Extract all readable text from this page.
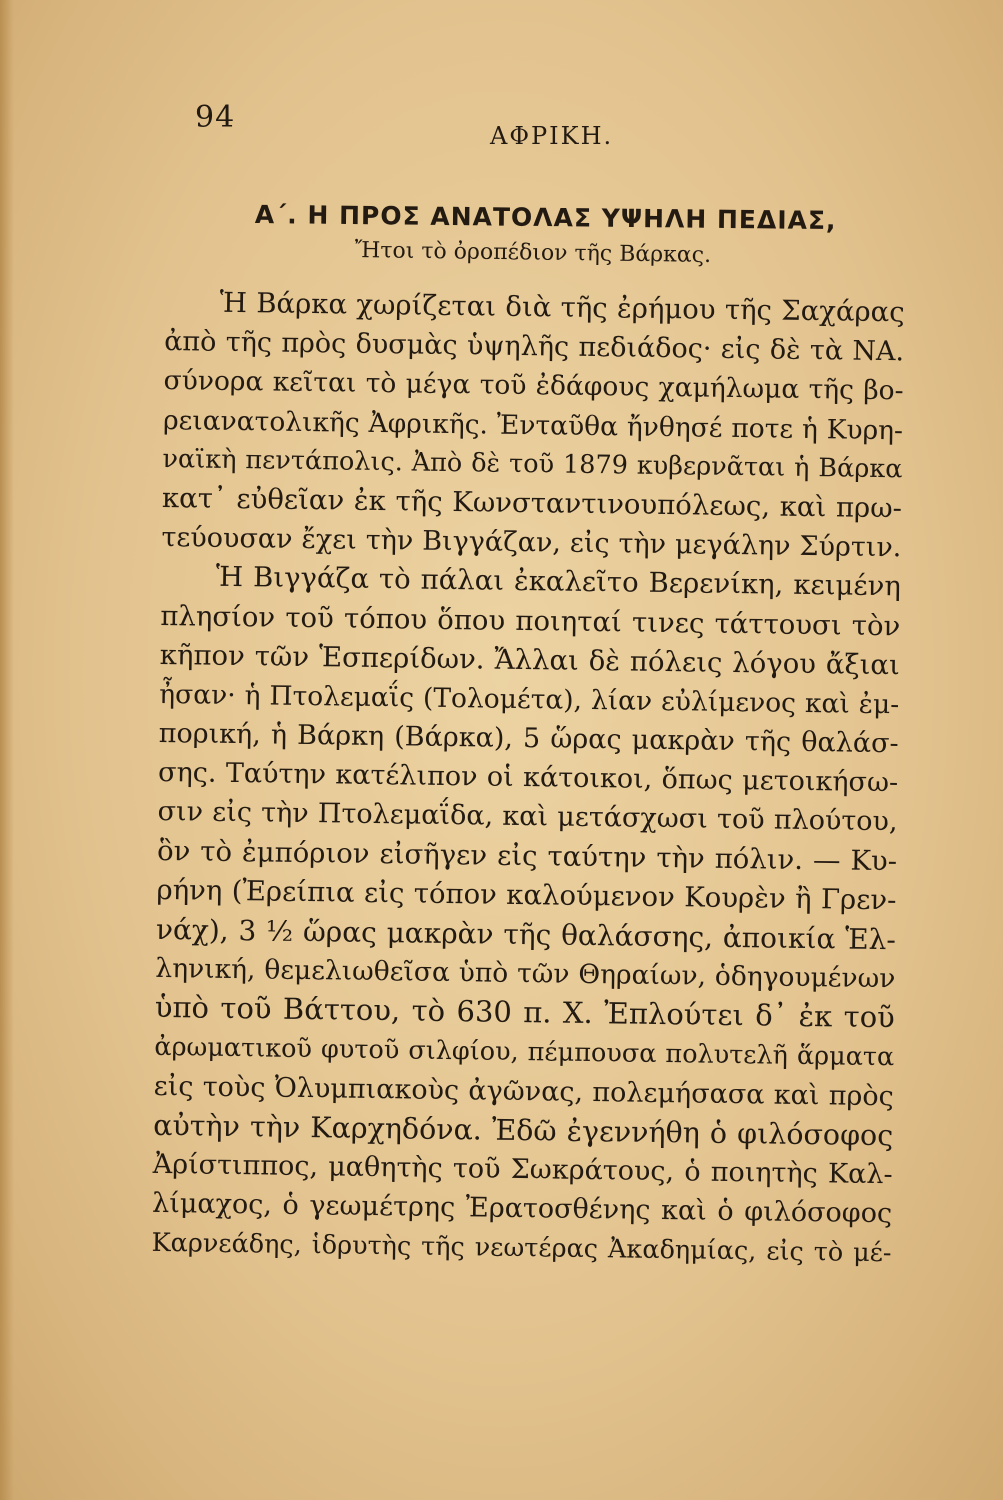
94
ΑΦΡΙΚΗ.
Α΄. Η ΠΡΟΣ ΑΝΑΤΟΛΑΣ ΥΨΗΛΗ ΠΕΔΙΑΣ,
Ἤτοι τὸ ὀροπέδιον τῆς Βάρκας.
Ἡ Βάρκα χωρίζεται διὰ τῆς ἐρήμου τῆς Σαχάρας
ἀπὸ τῆς πρὸς δυσμὰς ὑψηλῆς πεδιάδος· εἰς δὲ τὰ ΝΑ.
σύνορα κεῖται τὸ μέγα τοῦ ἐδάφους χαμήλωμα τῆς βο-
ρειανατολικῆς Ἀφρικῆς. Ἐνταῦθα ἤνθησέ ποτε ἡ Κυρη-
ναϊκὴ πεντάπολις. Ἀπὸ δὲ τοῦ 1879 κυβερνᾶται ἡ Βάρκα
κατ᾽ εὐθεῖαν ἐκ τῆς Κωνσταντινουπόλεως, καὶ πρω-
τεύουσαν ἔχει τὴν Βιγγάζαν, εἰς τὴν μεγάλην Σύρτιν.
Ἡ Βιγγάζα τὸ πάλαι ἐκαλεῖτο Βερενίκη, κειμένη
πλησίον τοῦ τόπου ὅπου ποιηταί τινες τάττουσι τὸν
κῆπον τῶν Ἑσπερίδων. Ἄλλαι δὲ πόλεις λόγου ἄξιαι
ἦσαν· ἡ Πτολεμαΐς (Τολομέτα), λίαν εὐλίμενος καὶ ἐμ-
πορική, ἡ Βάρκη (Βάρκα), 5 ὥρας μακρὰν τῆς θαλάσ-
σης. Ταύτην κατέλιπον οἱ κάτοικοι, ὅπως μετοικήσω-
σιν εἰς τὴν Πτολεμαΐδα, καὶ μετάσχωσι τοῦ πλούτου,
ὃν τὸ ἐμπόριον εἰσῆγεν εἰς ταύτην τὴν πόλιν. — Κυ-
ρήνη (Ἐρείπια εἰς τόπον καλούμενον Κουρὲν ἢ Γρεν-
νάχ), 3 ½ ὥρας μακρὰν τῆς θαλάσσης, ἀποικία Ἑλ-
ληνική, θεμελιωθεῖσα ὑπὸ τῶν Θηραίων, ὁδηγουμένων
ὑπὸ τοῦ Βάττου, τὸ 630 π. Χ. Ἐπλούτει δ᾽ ἐκ τοῦ
ἀρωματικοῦ φυτοῦ σιλφίου, πέμπουσα πολυτελῆ ἅρματα
εἰς τοὺς Ὀλυμπιακοὺς ἀγῶνας, πολεμήσασα καὶ πρὸς
αὐτὴν τὴν Καρχηδόνα. Ἐδῶ ἐγεννήθη ὁ φιλόσοφος
Ἀρίστιππος, μαθητὴς τοῦ Σωκράτους, ὁ ποιητὴς Καλ-
λίμαχος, ὁ γεωμέτρης Ἐρατοσθένης καὶ ὁ φιλόσοφος
Καρνεάδης, ἱδρυτὴς τῆς νεωτέρας Ἀκαδημίας, εἰς τὸ μέ-
